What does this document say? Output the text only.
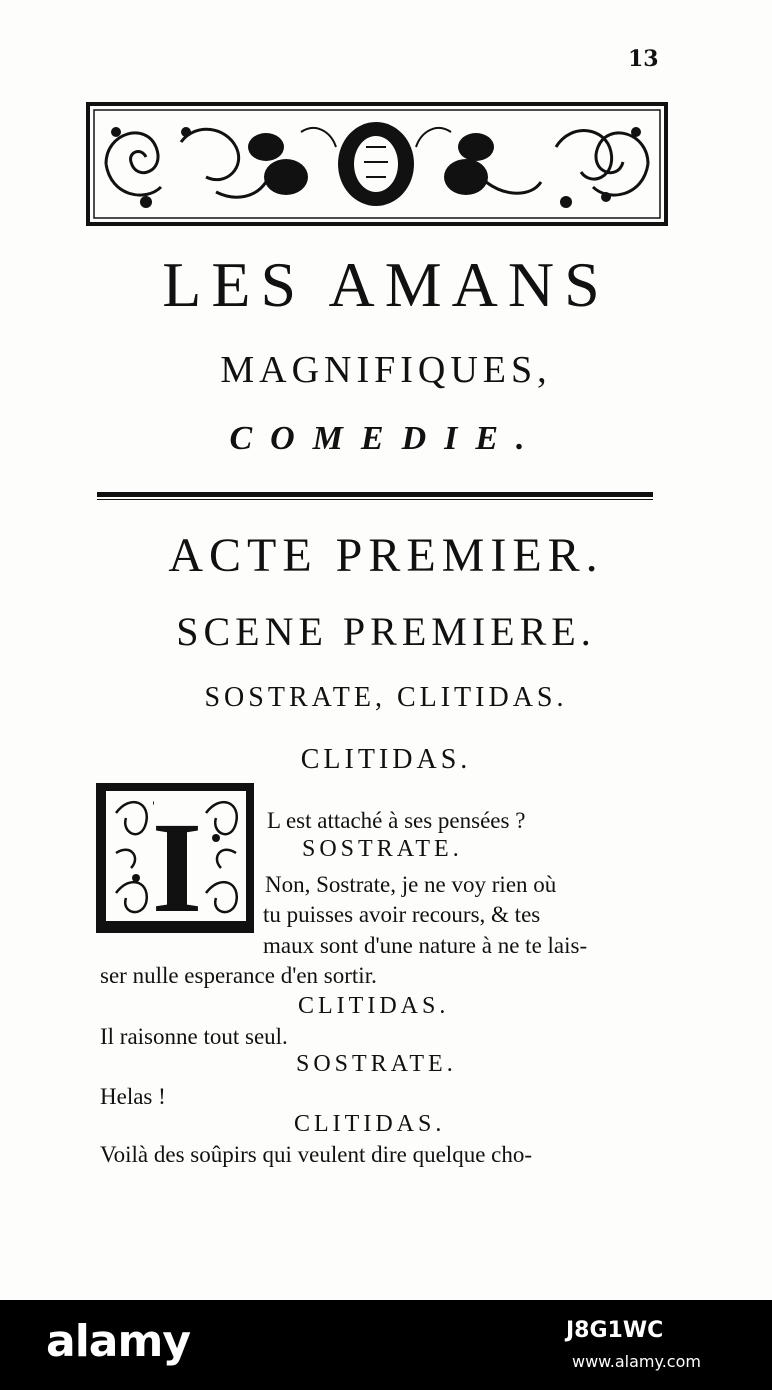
13
LES AMANS
MAGNIFIQUES,
COMEDIE.
ACTE PREMIER.
SCENE PREMIERE.
SOSTRATE, CLITIDAS.
CLITIDAS.
I	L est attaché à ses pensées ?
SOSTRATE.
Non, Sostrate, je ne voy rien où
tu puisses avoir recours, & tes
maux sont d'une nature à ne te lais-
ser nulle esperance d'en sortir.
CLITIDAS.
Il raisonne tout seul.
SOSTRATE.
Helas !
CLITIDAS.
Voilà des soûpirs qui veulent dire quelque cho-
alamy	J8G1WC
www.alamy.com
